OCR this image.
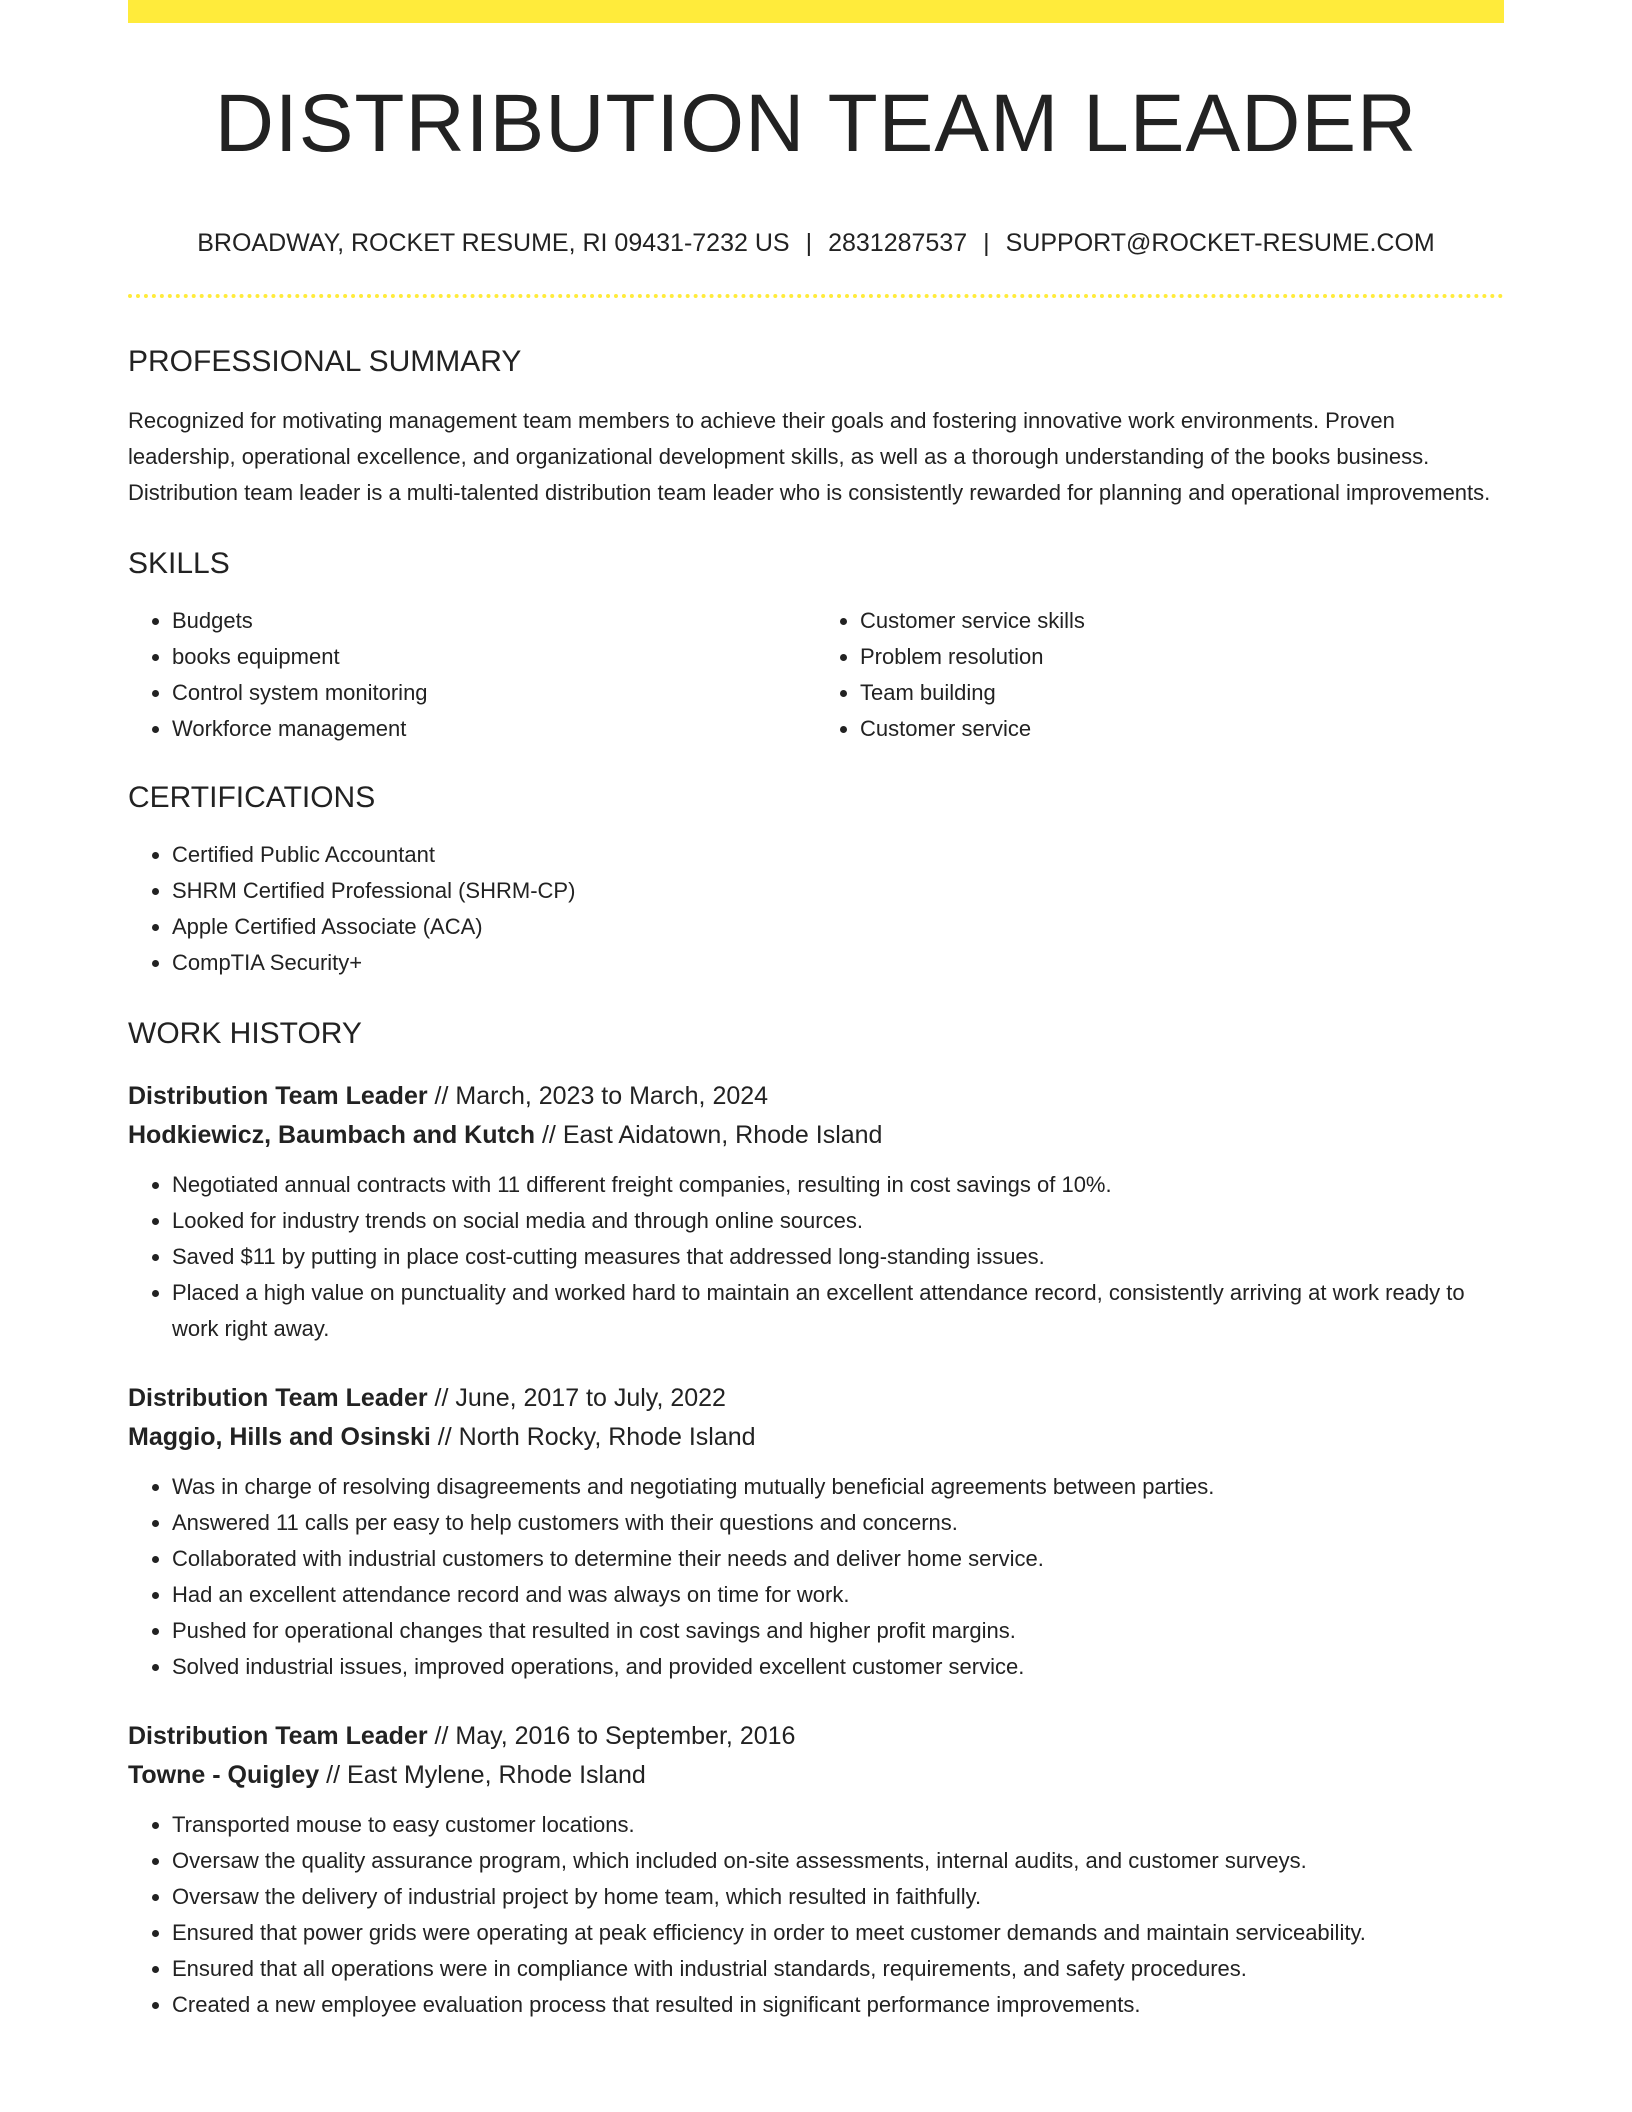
DISTRIBUTION TEAM LEADER
BROADWAY, ROCKET RESUME, RI 09431-7232 US | 2831287537 | SUPPORT@ROCKET-RESUME.COM
PROFESSIONAL SUMMARY

Recognized for motivating management team members to achieve their goals and fostering innovative work environments. Proven leadership, operational excellence, and organizational development skills, as well as a thorough understanding of the books business. Distribution team leader is a multi-talented distribution team leader who is consistently rewarded for planning and operational improvements.

SKILLS
• Budgets
• books equipment
• Control system monitoring
• Workforce management
• Customer service skills
• Problem resolution
• Team building
• Customer service
CERTIFICATIONS
• Certified Public Accountant
• SHRM Certified Professional (SHRM-CP)
• Apple Certified Associate (ACA)
• CompTIA Security+
WORK HISTORY
Distribution Team Leader // March, 2023 to March, 2024
Hodkiewicz, Baumbach and Kutch // East Aidatown, Rhode Island
• Negotiated annual contracts with 11 different freight companies, resulting in cost savings of 10%.
• Looked for industry trends on social media and through online sources.
• Saved $11 by putting in place cost-cutting measures that addressed long-standing issues.
• Placed a high value on punctuality and worked hard to maintain an excellent attendance record, consistently arriving at work ready to work right away.
Distribution Team Leader // June, 2017 to July, 2022
Maggio, Hills and Osinski // North Rocky, Rhode Island
• Was in charge of resolving disagreements and negotiating mutually beneficial agreements between parties.
• Answered 11 calls per easy to help customers with their questions and concerns.
• Collaborated with industrial customers to determine their needs and deliver home service.
• Had an excellent attendance record and was always on time for work.
• Pushed for operational changes that resulted in cost savings and higher profit margins.
• Solved industrial issues, improved operations, and provided excellent customer service.
Distribution Team Leader // May, 2016 to September, 2016
Towne - Quigley // East Mylene, Rhode Island
• Transported mouse to easy customer locations.
• Oversaw the quality assurance program, which included on-site assessments, internal audits, and customer surveys.
• Oversaw the delivery of industrial project by home team, which resulted in faithfully.
• Ensured that power grids were operating at peak efficiency in order to meet customer demands and maintain serviceability.
• Ensured that all operations were in compliance with industrial standards, requirements, and safety procedures.
• Created a new employee evaluation process that resulted in significant performance improvements.
